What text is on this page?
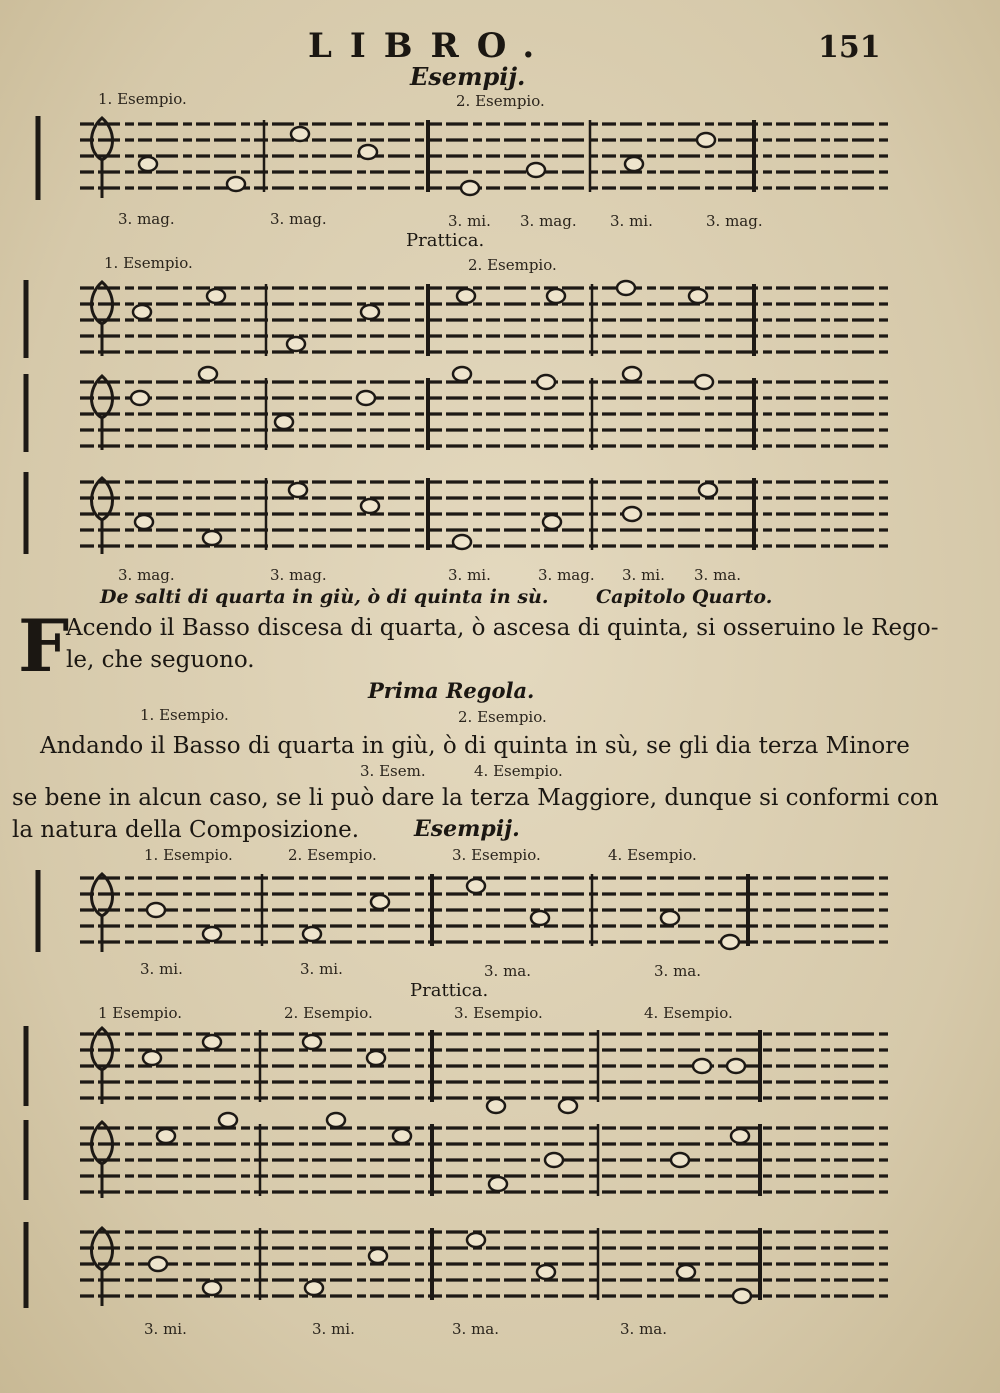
LIBRO.	151
Esempij.
1. Esempio.	2. Esempio.
3. mag.	3. mag.	3. mi. 3. mag. 3. mi.	3. mag.
Prattica.
1. Esempio.	2. Esempio.
3. mag.	3. mag.	3. mi.	3. mag. 3. mi. 3. ma.
De salti di quarta in giù, ò di quinta in sù.	Capitolo Quarto.
F
Acendo il Basso discesa di quarta, ò ascesa di quinta, si osseruino le Rego-
le, che seguono.
Prima Regola.
1. Esempio.	2. Esempio.
Andando il Basso di quarta in giù, ò di quinta in sù, se gli dia terza Minore
3. Esem.	4. Esempio.
se bene in alcun caso, se li può dare la terza Maggiore, dunque si conformi con
la natura della Composizione. Esempij.
1. Esempio.	2. Esempio.	3. Esempio.	4. Esempio.
3. mi.	3. mi.	3. ma.	3. ma.
Prattica.
1 Esempio.	2. Esempio.	3. Esempio.	4. Esempio.
3. mi.	3. mi.	3. ma.	3. ma.
